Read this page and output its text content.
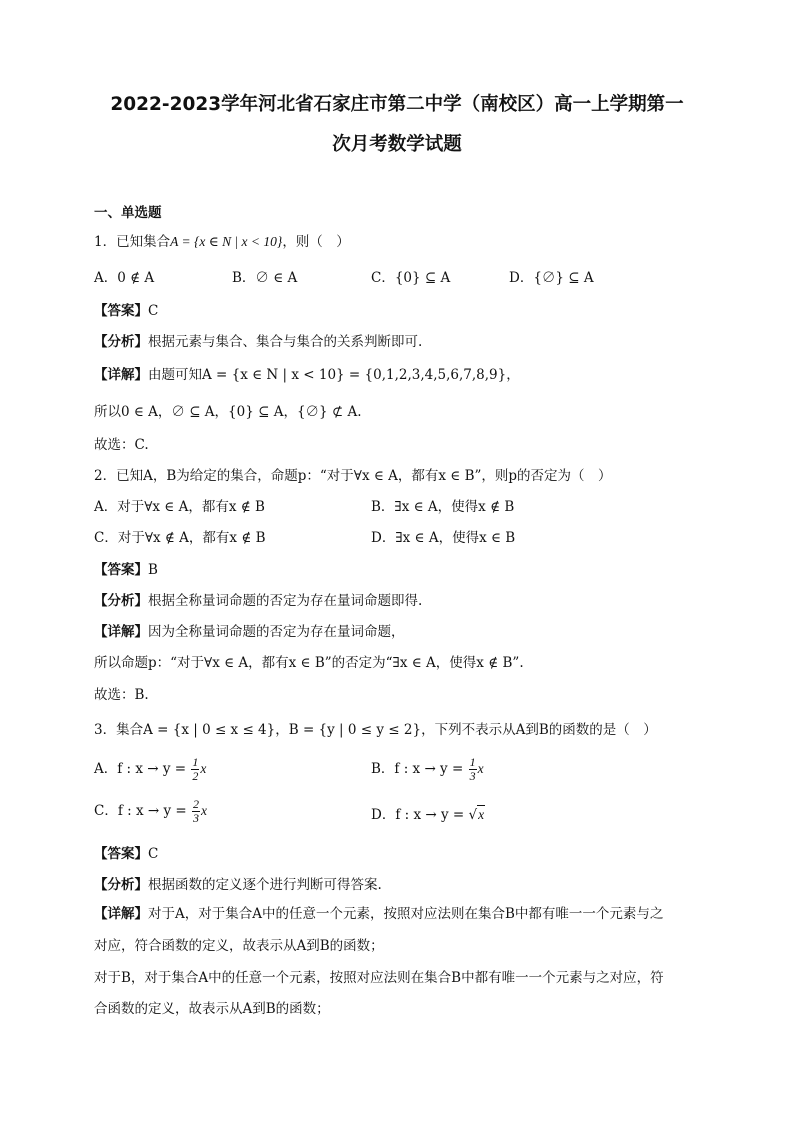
2022-2023学年河北省石家庄市第二中学（南校区）高一上学期第一
次月考数学试题
一、单选题
1．已知集合A = {x ∈ N | x < 10}，则（　）
A．0 ∉ A	B．∅ ∈ A	C．{0} ⊆ A	D．{∅} ⊆ A
【答案】C
【分析】根据元素与集合、集合与集合的关系判断即可.
【详解】由题可知A = {x ∈ N | x < 10} = {0,1,2,3,4,5,6,7,8,9}，
所以0 ∈ A，∅ ⊆ A，{0} ⊆ A，{∅} ⊄ A.
故选：C.
2．已知A，B为给定的集合，命题p：“对于∀x ∈ A，都有x ∈ B”，则p的否定为（　）
A．对于∀x ∈ A，都有x ∉ B	B．∃x ∈ A，使得x ∉ B
C．对于∀x ∉ A，都有x ∉ B	D．∃x ∈ A，使得x ∈ B
【答案】B
【分析】根据全称量词命题的否定为存在量词命题即得.
【详解】因为全称量词命题的否定为存在量词命题，
所以命题p：“对于∀x ∈ A，都有x ∈ B”的否定为“∃x ∈ A，使得x ∉ B”.
故选：B.
3．集合A = {x | 0 ≤ x ≤ 4}，B = {y | 0 ≤ y ≤ 2}，下列不表示从A到B的函数的是（　）
A．f : $x \to y = \frac{1}{2}$ x	B．f : $x \to y = \frac{1}{3}$ x
C．f : $x \to y = \frac{2}{3}$ x	D．f : x → y = √x
【答案】C
【分析】根据函数的定义逐个进行判断可得答案.
【详解】对于A，对于集合A中的任意一个元素，按照对应法则在集合B中都有唯一一个元素与之
对应，符合函数的定义，故表示从A到B的函数；
对于B，对于集合A中的任意一个元素，按照对应法则在集合B中都有唯一一个元素与之对应，符
合函数的定义，故表示从A到B的函数；
